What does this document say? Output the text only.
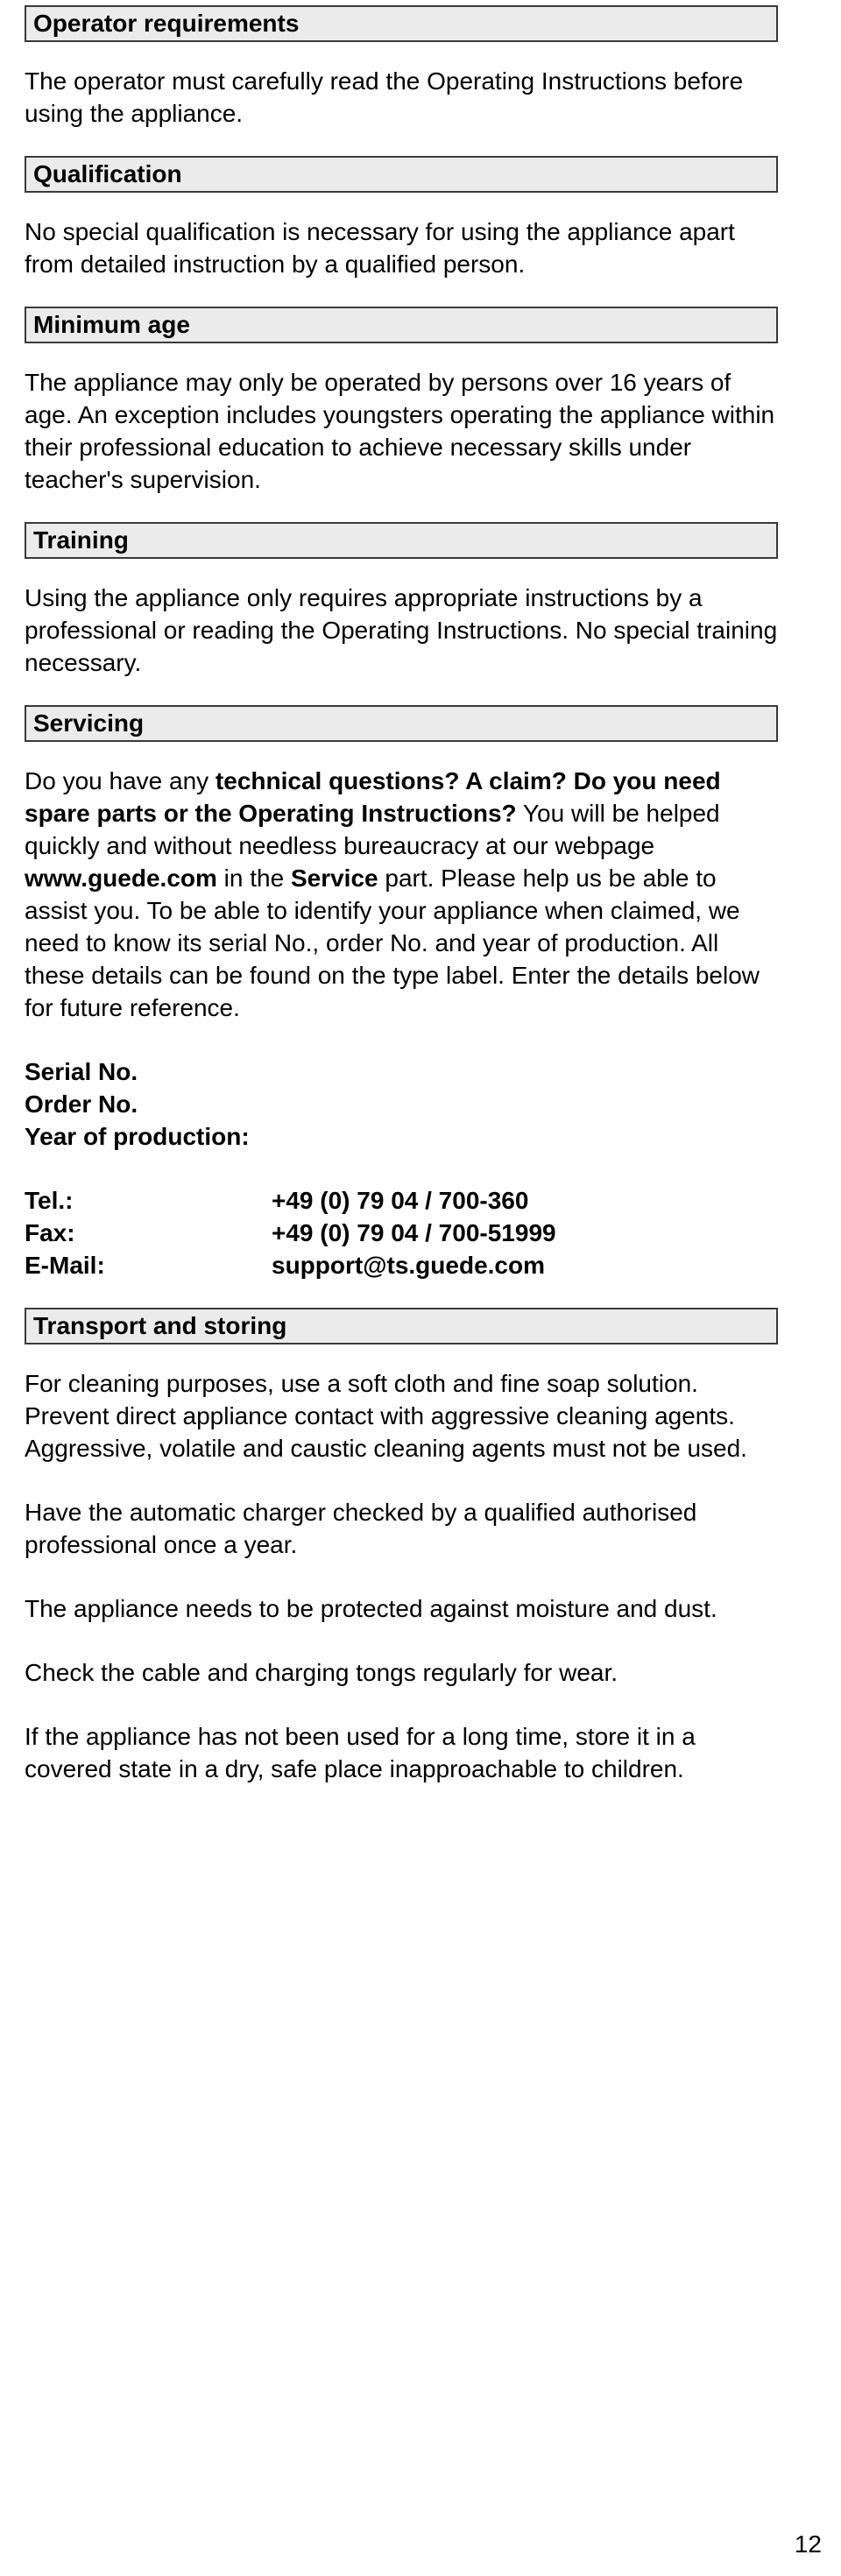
Operator requirements

The operator must carefully read the Operating Instructions before using the appliance.

Qualification

No special qualification is necessary for using the appliance apart from detailed instruction by a qualified person.

Minimum age

The appliance may only be operated by persons over 16 years of age. An exception includes youngsters operating the appliance within their professional education to achieve necessary skills under teacher's supervision.

Training

Using the appliance only requires appropriate instructions by a professional or reading the Operating Instructions. No special training necessary.

Servicing

Do you have any technical questions? A claim? Do you need spare parts or the Operating Instructions? You will be helped quickly and without needless bureaucracy at our webpage www.guede.com in the Service part. Please help us be able to assist you. To be able to identify your appliance when claimed, we need to know its serial No., order No. and year of production. All these details can be found on the type label. Enter the details below for future reference.

Serial No.

Order No.

Year of production:

Tel.:	+49 (0) 79 04 / 700-360
Fax:	+49 (0) 79 04 / 700-51999
E-Mail:	support@ts.guede.com
Transport and storing

For cleaning purposes, use a soft cloth and fine soap solution. Prevent direct appliance contact with aggressive cleaning agents. Aggressive, volatile and caustic cleaning agents must not be used.

Have the automatic charger checked by a qualified authorised professional once a year.

The appliance needs to be protected against moisture and dust.

Check the cable and charging tongs regularly for wear.

If the appliance has not been used for a long time, store it in a covered state in a dry, safe place inapproachable to children.

12
